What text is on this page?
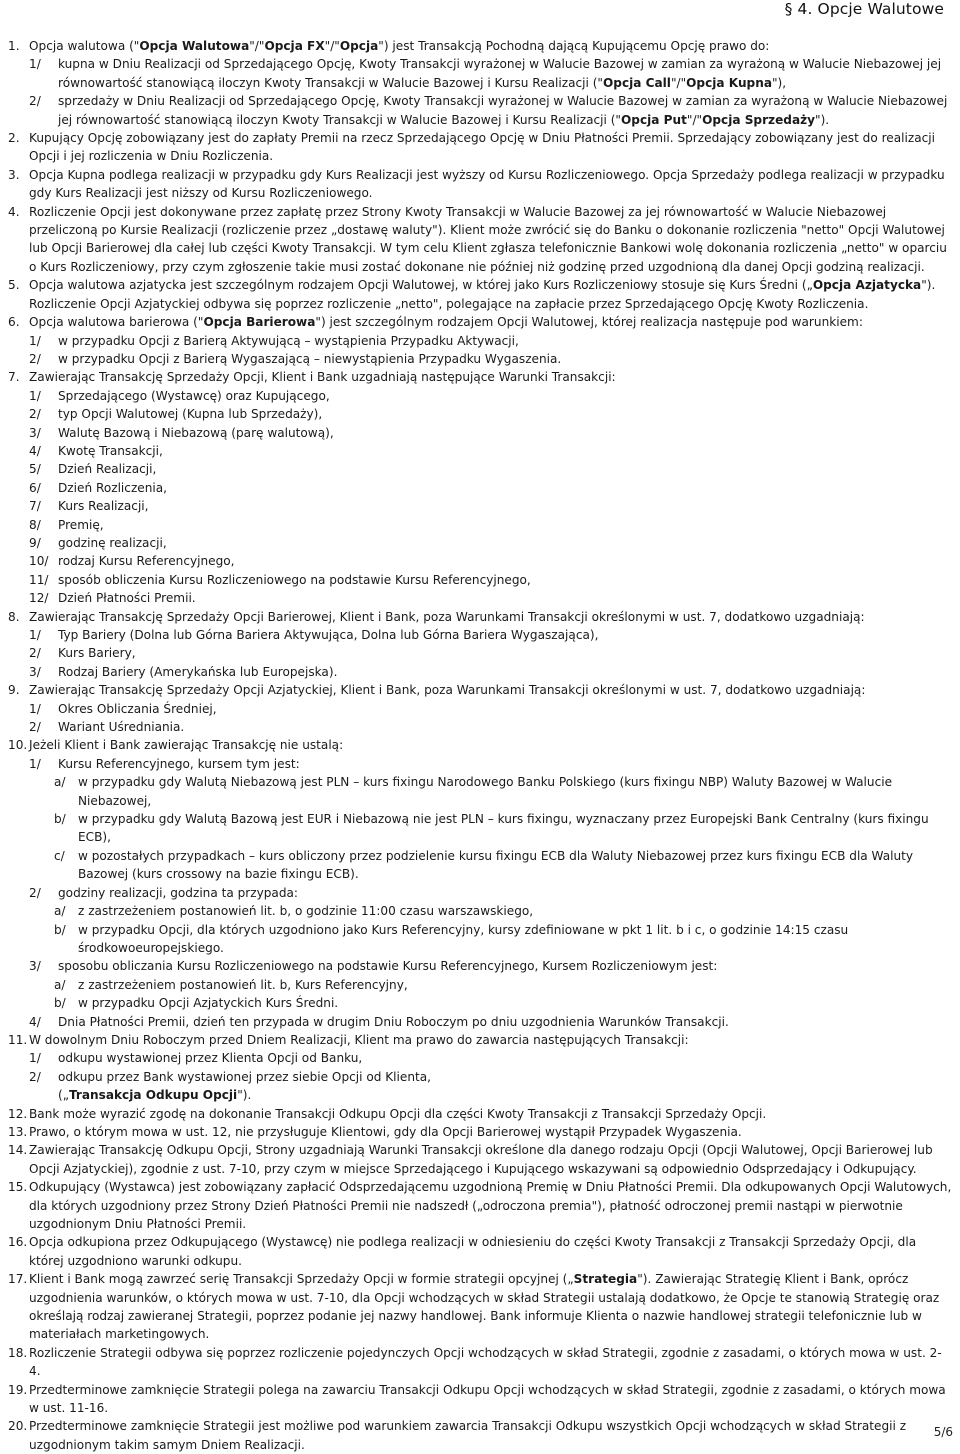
§ 4. Opcje Walutowe
1. Opcja walutowa ("Opcja Walutowa"/"Opcja FX"/"Opcja") jest Transakcją Pochodną dającą Kupującemu Opcję prawo do:
1/ kupna w Dniu Realizacji od Sprzedającego Opcję, Kwoty Transakcji wyrażonej w Walucie Bazowej w zamian za wyrażoną w Walucie Niebazowej jej równowartość stanowiącą iloczyn Kwoty Transakcji w Walucie Bazowej i Kursu Realizacji ("Opcja Call"/"Opcja Kupna"),
2/ sprzedaży w Dniu Realizacji od Sprzedającego Opcję, Kwoty Transakcji wyrażonej w Walucie Bazowej w zamian za wyrażoną w Walucie Niebazowej jej równowartość stanowiącą iloczyn Kwoty Transakcji w Walucie Bazowej i Kursu Realizacji ("Opcja Put"/"Opcja Sprzedaży").
2. Kupujący Opcję zobowiązany jest do zapłaty Premii na rzecz Sprzedającego Opcję w Dniu Płatności Premii. Sprzedający zobowiązany jest do realizacji Opcji i jej rozliczenia w Dniu Rozliczenia.
3. Opcja Kupna podlega realizacji w przypadku gdy Kurs Realizacji jest wyższy od Kursu Rozliczeniowego. Opcja Sprzedaży podlega realizacji w przypadku gdy Kurs Realizacji jest niższy od Kursu Rozliczeniowego.
4. Rozliczenie Opcji jest dokonywane przez zapłatę przez Strony Kwoty Transakcji w Walucie Bazowej za jej równowartość w Walucie Niebazowej przeliczoną po Kursie Realizacji (rozliczenie przez „dostawę waluty"). Klient może zwrócić się do Banku o dokonanie rozliczenia "netto" Opcji Walutowej lub Opcji Barierowej dla całej lub części Kwoty Transakcji. W tym celu Klient zgłasza telefonicznie Bankowi wolę dokonania rozliczenia „netto" w oparciu o Kurs Rozliczeniowy, przy czym zgłoszenie takie musi zostać dokonane nie później niż godzinę przed uzgodnioną dla danej Opcji godziną realizacji.
5. Opcja walutowa azjatycka jest szczególnym rodzajem Opcji Walutowej, w której jako Kurs Rozliczeniowy stosuje się Kurs Średni („Opcja Azjatycka"). Rozliczenie Opcji Azjatyckiej odbywa się poprzez rozliczenie „netto", polegające na zapłacie przez Sprzedającego Opcję Kwoty Rozliczenia.
6. Opcja walutowa barierowa ("Opcja Barierowa") jest szczególnym rodzajem Opcji Walutowej, której realizacja następuje pod warunkiem:
1/ w przypadku Opcji z Barierą Aktywującą – wystąpienia Przypadku Aktywacji,
2/ w przypadku Opcji z Barierą Wygaszającą – niewystąpienia Przypadku Wygaszenia.
7. Zawierając Transakcję Sprzedaży Opcji, Klient i Bank uzgadniają następujące Warunki Transakcji:
1/ Sprzedającego (Wystawcę) oraz Kupującego,
2/ typ Opcji Walutowej (Kupna lub Sprzedaży),
3/ Walutę Bazową i Niebazową (parę walutową),
4/ Kwotę Transakcji,
5/ Dzień Realizacji,
6/ Dzień Rozliczenia,
7/ Kurs Realizacji,
8/ Premię,
9/ godzinę realizacji,
10/ rodzaj Kursu Referencyjnego,
11/ sposób obliczenia Kursu Rozliczeniowego na podstawie Kursu Referencyjnego,
12/ Dzień Płatności Premii.
8. Zawierając Transakcję Sprzedaży Opcji Barierowej, Klient i Bank, poza Warunkami Transakcji określonymi w ust. 7, dodatkowo uzgadniają:
1/ Typ Bariery (Dolna lub Górna Bariera Aktywująca, Dolna lub Górna Bariera Wygaszająca),
2/ Kurs Bariery,
3/ Rodzaj Bariery (Amerykańska lub Europejska).
9. Zawierając Transakcję Sprzedaży Opcji Azjatyckiej, Klient i Bank, poza Warunkami Transakcji określonymi w ust. 7, dodatkowo uzgadniają:
1/ Okres Obliczania Średniej,
2/ Wariant Uśredniania.
10. Jeżeli Klient i Bank zawierając Transakcję nie ustalą:
1/ Kursu Referencyjnego, kursem tym jest:
a/ w przypadku gdy Walutą Niebazową jest PLN – kurs fixingu Narodowego Banku Polskiego (kurs fixingu NBP) Waluty Bazowej w Walucie Niebazowej,
b/ w przypadku gdy Walutą Bazową jest EUR i Niebazową nie jest PLN – kurs fixingu, wyznaczany przez Europejski Bank Centralny (kurs fixingu ECB),
c/ w pozostałych przypadkach – kurs obliczony przez podzielenie kursu fixingu ECB dla Waluty Niebazowej przez kurs fixingu ECB dla Waluty Bazowej (kurs crossowy na bazie fixingu ECB).
2/ godziny realizacji, godzina ta przypada:
a/ z zastrzeżeniem postanowień lit. b, o godzinie 11:00 czasu warszawskiego,
b/ w przypadku Opcji, dla których uzgodniono jako Kurs Referencyjny, kursy zdefiniowane w pkt 1 lit. b i c, o godzinie 14:15 czasu środkowoeuropejskiego.
3/ sposobu obliczania Kursu Rozliczeniowego na podstawie Kursu Referencyjnego, Kursem Rozliczeniowym jest:
a/ z zastrzeżeniem postanowień lit. b, Kurs Referencyjny,
b/ w przypadku Opcji Azjatyckich Kurs Średni.
4/ Dnia Płatności Premii, dzień ten przypada w drugim Dniu Roboczym po dniu uzgodnienia Warunków Transakcji.
11. W dowolnym Dniu Roboczym przed Dniem Realizacji, Klient ma prawo do zawarcia następujących Transakcji:
1/ odkupu wystawionej przez Klienta Opcji od Banku,
2/ odkupu przez Bank wystawionej przez siebie Opcji od Klienta,
(„Transakcja Odkupu Opcji").
12. Bank może wyrazić zgodę na dokonanie Transakcji Odkupu Opcji dla części Kwoty Transakcji z Transakcji Sprzedaży Opcji.
13. Prawo, o którym mowa w ust. 12, nie przysługuje Klientowi, gdy dla Opcji Barierowej wystąpił Przypadek Wygaszenia.
14. Zawierając Transakcję Odkupu Opcji, Strony uzgadniają Warunki Transakcji określone dla danego rodzaju Opcji (Opcji Walutowej, Opcji Barierowej lub Opcji Azjatyckiej), zgodnie z ust. 7-10, przy czym w miejsce Sprzedającego i Kupującego wskazywani są odpowiednio Odsprzedający i Odkupujący.
15. Odkupujący (Wystawca) jest zobowiązany zapłacić Odsprzedającemu uzgodnioną Premię w Dniu Płatności Premii. Dla odkupowanych Opcji Walutowych, dla których uzgodniony przez Strony Dzień Płatności Premii nie nadszedł („odroczona premia"), płatność odroczonej premii nastąpi w pierwotnie uzgodnionym Dniu Płatności Premii.
16. Opcja odkupiona przez Odkupującego (Wystawcę) nie podlega realizacji w odniesieniu do części Kwoty Transakcji z Transakcji Sprzedaży Opcji, dla której uzgodniono warunki odkupu.
17. Klient i Bank mogą zawrzeć serię Transakcji Sprzedaży Opcji w formie strategii opcyjnej („Strategia"). Zawierając Strategię Klient i Bank, oprócz uzgodnienia warunków, o których mowa w ust. 7-10, dla Opcji wchodzących w skład Strategii ustalają dodatkowo, że Opcje te stanowią Strategię oraz określają rodzaj zawieranej Strategii, poprzez podanie jej nazwy handlowej. Bank informuje Klienta o nazwie handlowej strategii telefonicznie lub w materiałach marketingowych.
18. Rozliczenie Strategii odbywa się poprzez rozliczenie pojedynczych Opcji wchodzących w skład Strategii, zgodnie z zasadami, o których mowa w ust. 2-4.
19. Przedterminowe zamknięcie Strategii polega na zawarciu Transakcji Odkupu Opcji wchodzących w skład Strategii, zgodnie z zasadami, o których mowa w ust. 11-16.
20. Przedterminowe zamknięcie Strategii jest możliwe pod warunkiem zawarcia Transakcji Odkupu wszystkich Opcji wchodzących w skład Strategii z uzgodnionym takim samym Dniem Realizacji.
5/6
